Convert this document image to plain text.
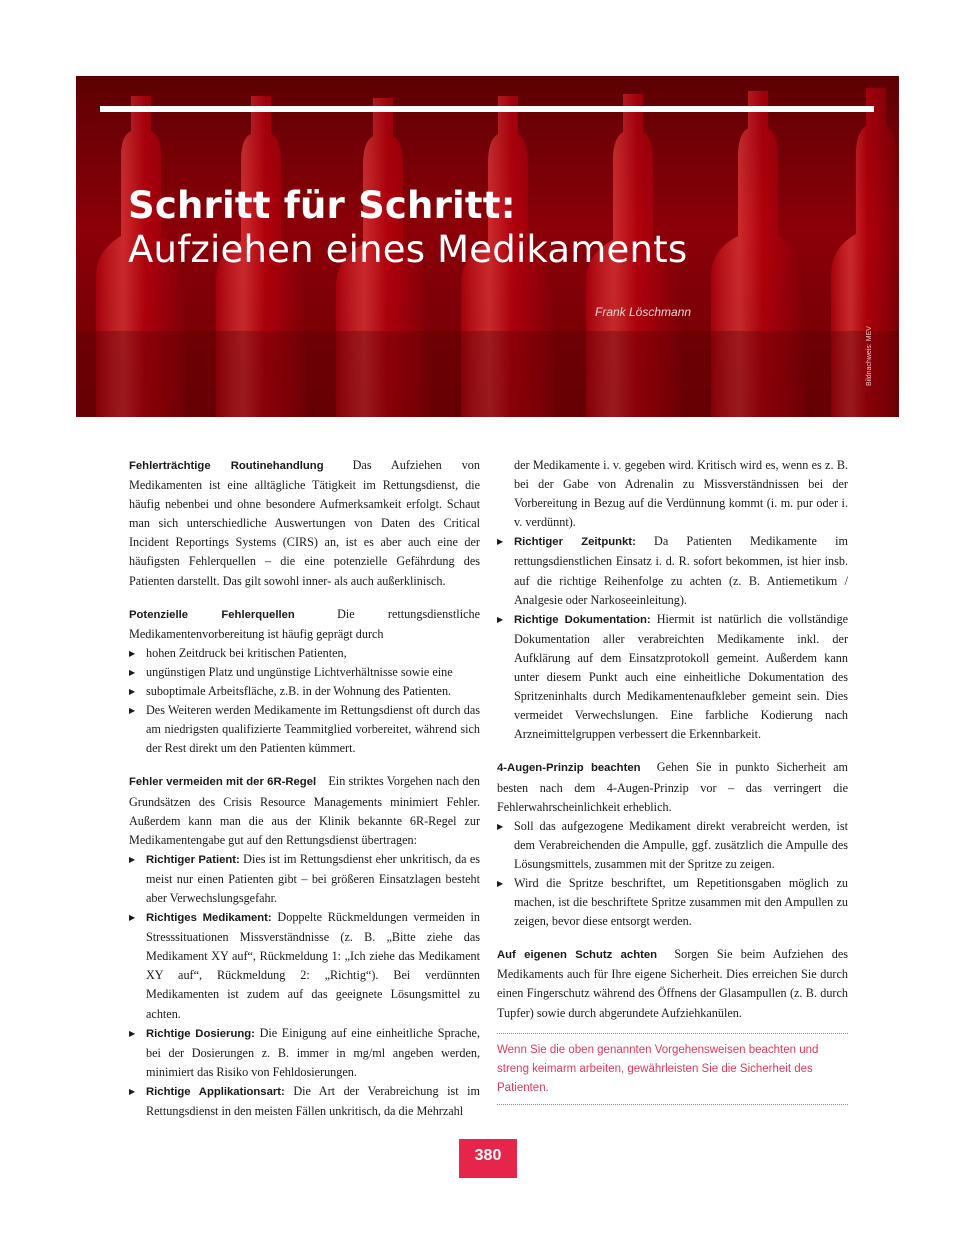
Schritt für Schritt:
Aufziehen eines Medikaments
Frank Löschmann
Bildnachweis: MEV

Fehlerträchtige Routinehandlung Das Aufziehen von Medikamenten ist eine alltägliche Tätigkeit im Rettungsdienst, die häufig nebenbei und ohne besondere Aufmerksamkeit erfolgt. Schaut man sich unterschiedliche Auswertungen von Daten des Critical Incident Reportings Systems (CIRS) an, ist es aber auch eine der häufigsten Fehlerquellen – die eine potenzielle Gefährdung des Patienten darstellt. Das gilt sowohl inner- als auch außerklinisch.

Potenzielle Fehlerquellen	Die rettungsdienstliche Medikamentenvorbereitung ist häufig geprägt durch

▶ hohen Zeitdruck bei kritischen Patienten,
▶ ungünstigen Platz und ungünstige Lichtverhältnisse sowie eine
▶ suboptimale Arbeitsfläche, z.B. in der Wohnung des Patienten.
▶ Des Weiteren werden Medikamente im Rettungsdienst oft durch das am niedrigsten qualifizierte Teammitglied vorbereitet, während sich der Rest direkt um den Patienten kümmert.

Fehler vermeiden mit der 6R-Regel Ein striktes Vorgehen nach den Grundsätzen des Crisis Resource Managements minimiert Fehler. Außerdem kann man die aus der Klinik bekannte 6R-Regel zur Medikamentengabe gut auf den Rettungsdienst übertragen:

▶ Richtiger Patient: Dies ist im Rettungsdienst eher unkritisch, da es meist nur einen Patienten gibt – bei größeren Einsatzlagen besteht aber Verwechslungsgefahr.
▶ Richtiges Medikament: Doppelte Rückmeldungen vermeiden in Stresssituationen Missverständnisse (z. B. „Bitte ziehe das Medikament XY auf“, Rückmeldung 1: „Ich ziehe das Medikament XY auf“, Rückmeldung 2: „Richtig“). Bei verdünnten Medikamenten ist zudem auf das geeignete Lösungsmittel zu achten.
▶ Richtige Dosierung: Die Einigung auf eine einheitliche Sprache, bei der Dosierungen z. B. immer in mg/ml angeben werden, minimiert das Risiko von Fehldosierungen.
▶ Richtige Applikationsart: Die Art der Verabreichung ist im Rettungsdienst in den meisten Fällen unkritisch, da die Mehrzahl

der Medikamente i. v. gegeben wird. Kritisch wird es, wenn es z. B. bei der Gabe von Adrenalin zu Missverständnissen bei der Vorbereitung in Bezug auf die Verdünnung kommt (i. m. pur oder i. v. verdünnt).

▶ Richtiger Zeitpunkt: Da Patienten Medikamente im rettungsdienstlichen Einsatz i. d. R. sofort bekommen, ist hier insb. auf die richtige Reihenfolge zu achten (z. B. Antiemetikum / Analgesie oder Narkoseeinleitung).
▶ Richtige Dokumentation: Hiermit ist natürlich die vollständige Dokumentation aller verabreichten Medikamente inkl. der Aufklärung auf dem Einsatzprotokoll gemeint. Außerdem kann unter diesem Punkt auch eine einheitliche Dokumentation des Spritzeninhalts durch Medikamentenaufkleber gemeint sein. Dies vermeidet Verwechslungen. Eine farbliche Kodierung nach Arzneimittelgruppen verbessert die Erkennbarkeit.

4-Augen-Prinzip beachten Gehen Sie in punkto Sicherheit am besten nach dem 4-Augen-Prinzip vor – das verringert die Fehlerwahrscheinlichkeit erheblich.

▶ Soll das aufgezogene Medikament direkt verabreicht werden, ist dem Verabreichenden die Ampulle, ggf. zusätzlich die Ampulle des Lösungsmittels, zusammen mit der Spritze zu zeigen.
▶ Wird die Spritze beschriftet, um Repetitionsgaben möglich zu machen, ist die beschriftete Spritze zusammen mit den Ampullen zu zeigen, bevor diese entsorgt werden.

Auf eigenen Schutz achten Sorgen Sie beim Aufziehen des Medikaments auch für Ihre eigene Sicherheit. Dies erreichen Sie durch einen Fingerschutz während des Öffnens der Glasampullen (z. B. durch Tupfer) sowie durch abgerundete Aufziehkanülen.

Wenn Sie die oben genannten Vorgehensweisen beachten und streng keimarm arbeiten, gewährleisten Sie die Sicherheit des Patienten.
380
